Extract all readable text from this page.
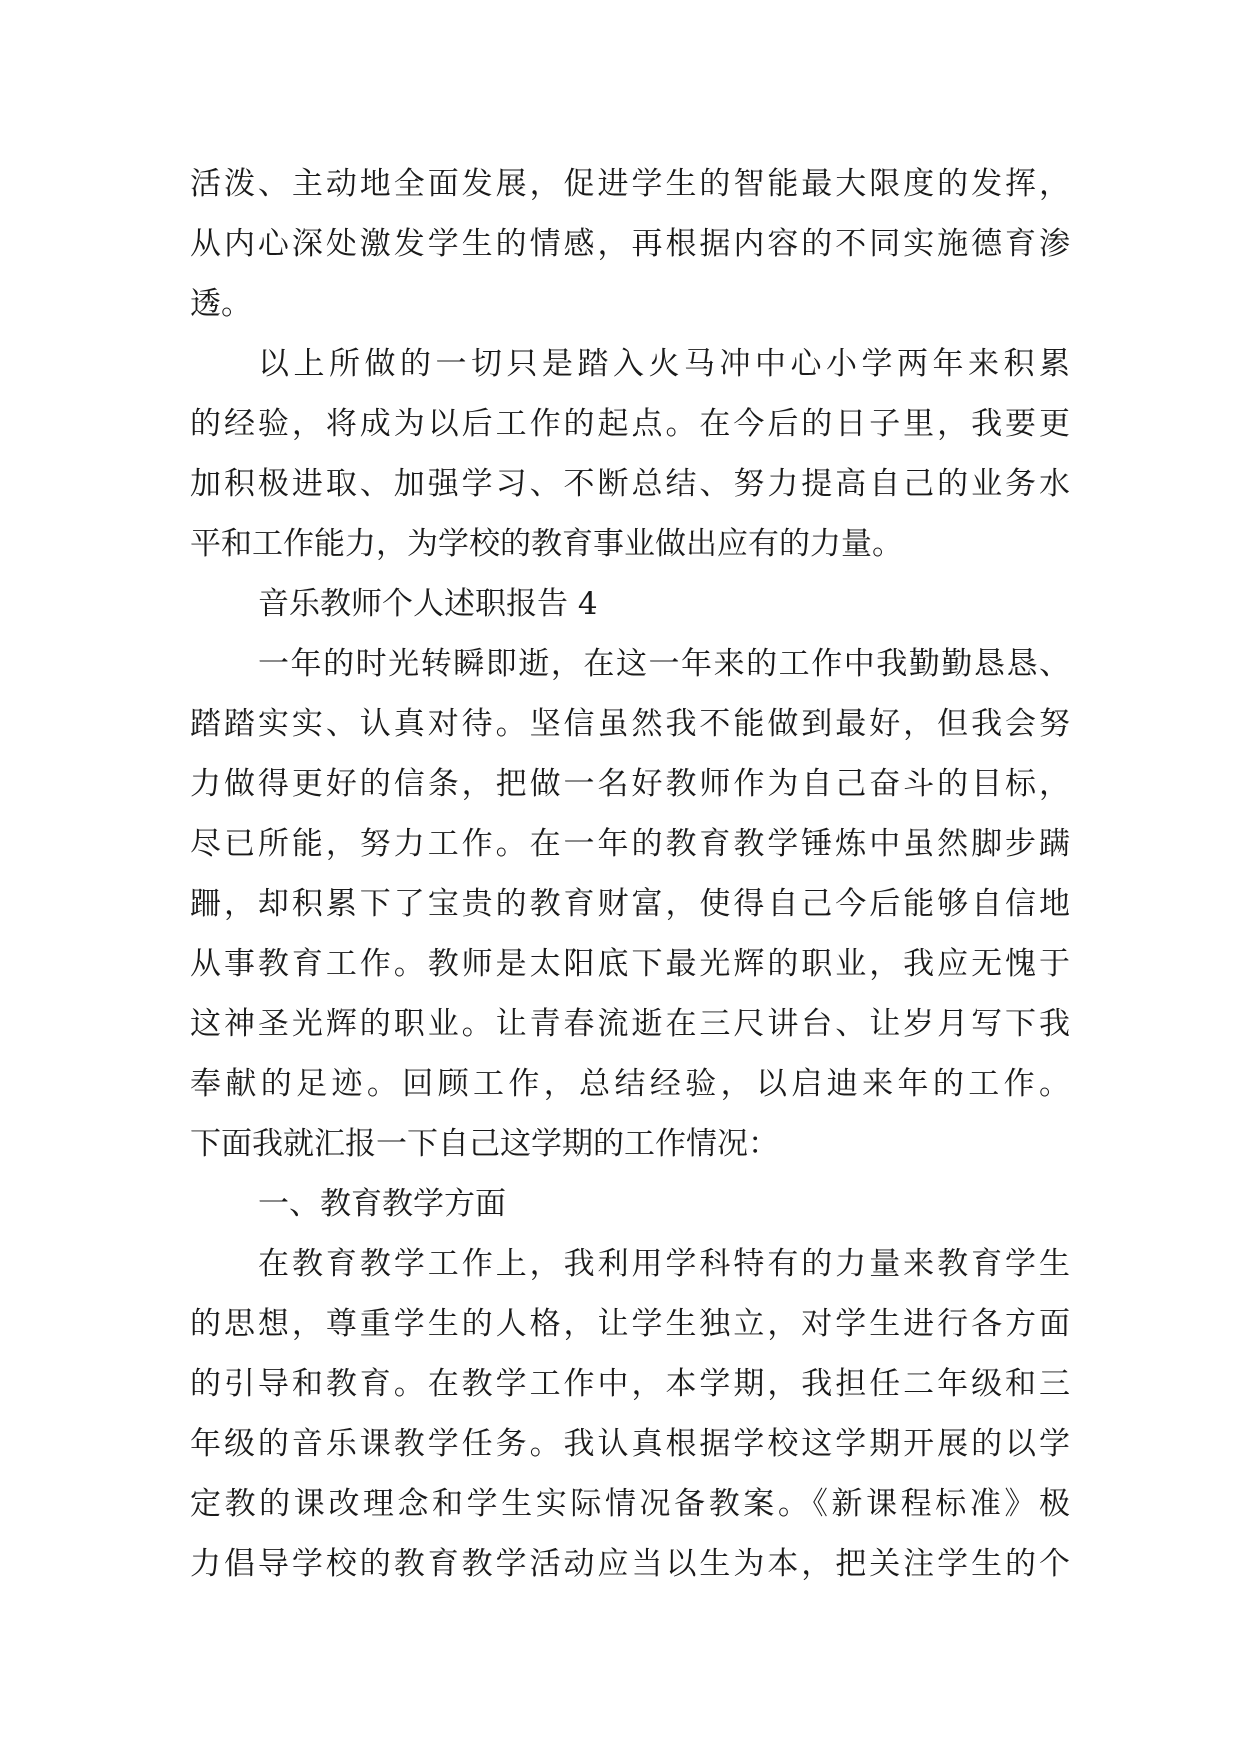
活泼、主动地全面发展，促进学生的智能最大限度的发挥，
从内心深处激发学生的情感，再根据内容的不同实施德育渗
透。
以上所做的一切只是踏入火马冲中心小学两年来积累
的经验，将成为以后工作的起点。在今后的日子里，我要更
加积极进取、加强学习、不断总结、努力提高自己的业务水
平和工作能力，为学校的教育事业做出应有的力量。
音乐教师个人述职报告 4
一年的时光转瞬即逝，在这一年来的工作中我勤勤恳恳、
踏踏实实、认真对待。坚信虽然我不能做到最好，但我会努
力做得更好的信条，把做一名好教师作为自己奋斗的目标，
尽已所能，努力工作。在一年的教育教学锤炼中虽然脚步蹒
跚，却积累下了宝贵的教育财富，使得自己今后能够自信地
从事教育工作。教师是太阳底下最光辉的职业，我应无愧于
这神圣光辉的职业。让青春流逝在三尺讲台、让岁月写下我
奉献的足迹。回顾工作，总结经验，以启迪来年的工作。
下面我就汇报一下自己这学期的工作情况：
一、教育教学方面
在教育教学工作上，我利用学科特有的力量来教育学生
的思想，尊重学生的人格，让学生独立，对学生进行各方面
的引导和教育。在教学工作中，本学期，我担任二年级和三
年级的音乐课教学任务。我认真根据学校这学期开展的以学
定教的课改理念和学生实际情况备教案。《新课程标准》极
力倡导学校的教育教学活动应当以生为本，把关注学生的个
